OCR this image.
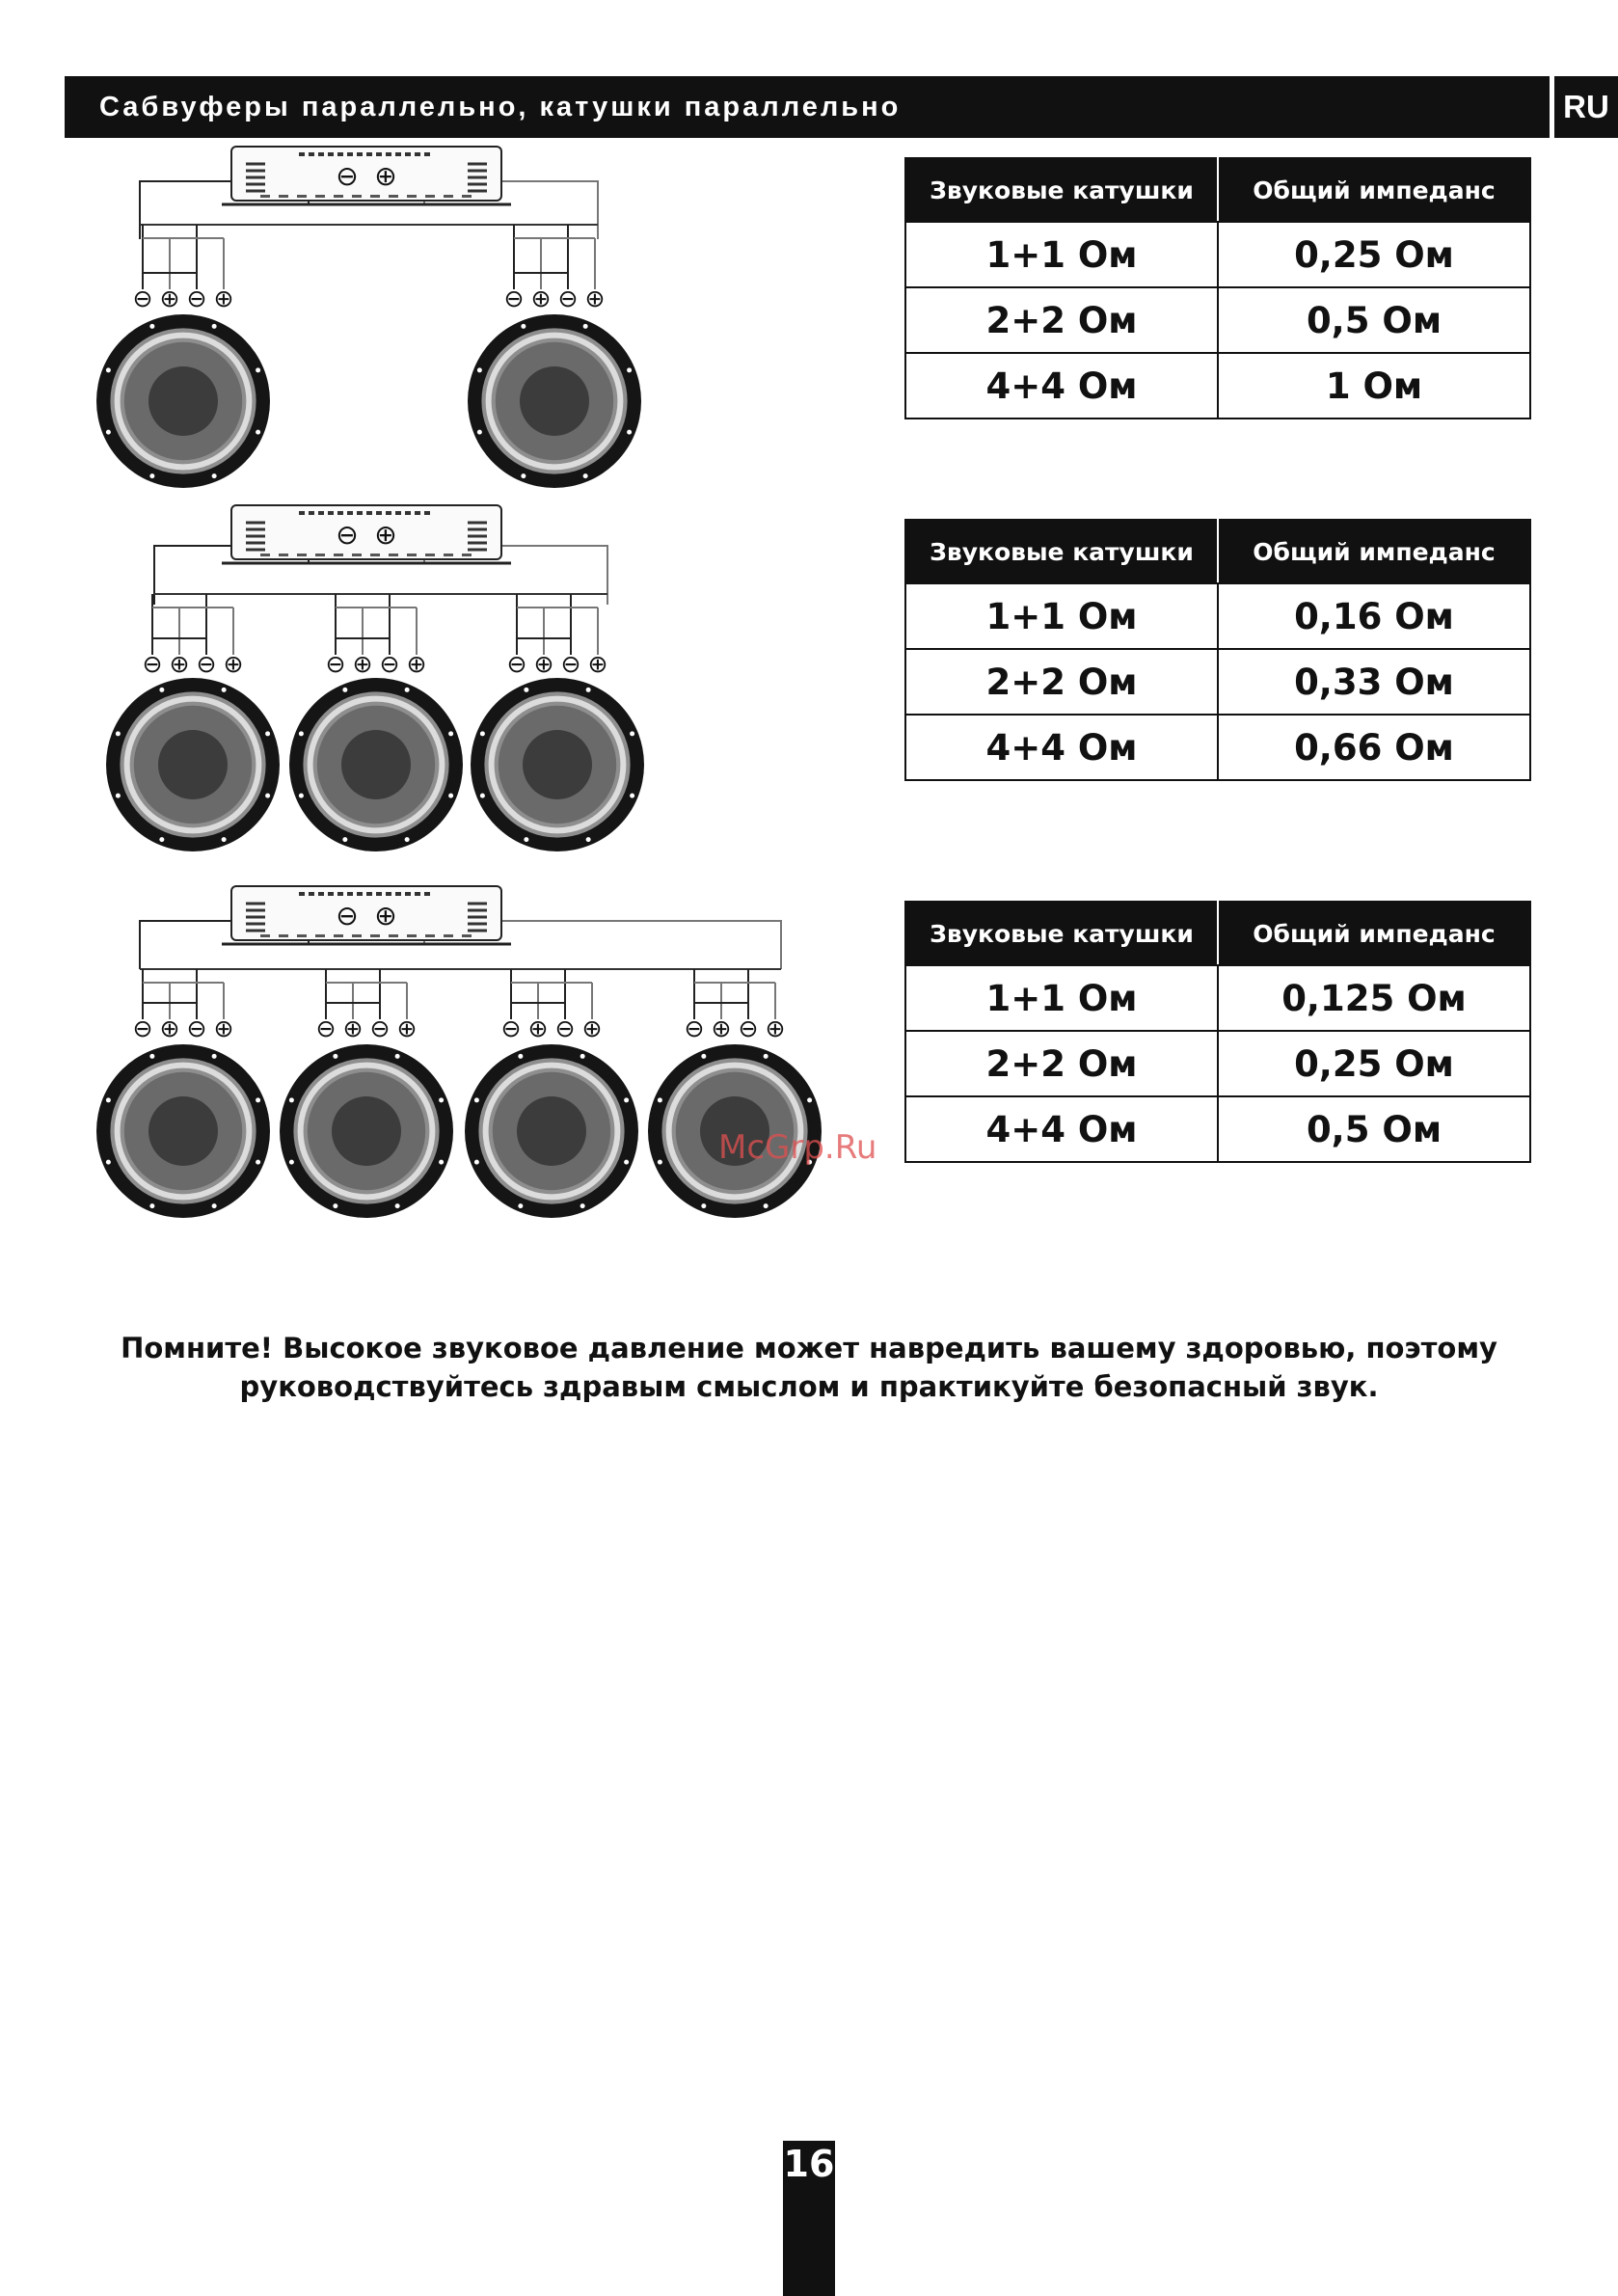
Сабвуферы параллельно, катушки параллельно	RU
⊖ ⊕ ⊖ ⊕	⊖ ⊕ ⊖ ⊕
⊖ ⊕
⊖ ⊕ ⊖ ⊕	⊖ ⊕ ⊖ ⊕	⊖ ⊕ ⊖ ⊕
⊖ ⊕
⊖ ⊕ ⊖ ⊕	⊖ ⊕ ⊖ ⊕	⊖ ⊕ ⊖ ⊕	⊖ ⊕ ⊖ ⊕
⊖ ⊕
Звуковые катушки	Общий импеданс
1+1 Ом	0,25 Ом
2+2 Ом	0,5 Ом
4+4 Ом	1 Ом
Звуковые катушки	Общий импеданс
1+1 Ом	0,16 Ом
2+2 Ом	0,33 Ом
4+4 Ом	0,66 Ом
Звуковые катушки	Общий импеданс
1+1 Ом	0,125 Ом
2+2 Ом	0,25 Ом
4+4 Ом	0,5 Ом
McGrp.Ru
Помните! Высокое звуковое давление может навредить вашему здоровью, поэтому
руководствуйтесь здравым смыслом и практикуйте безопасный звук.
16
